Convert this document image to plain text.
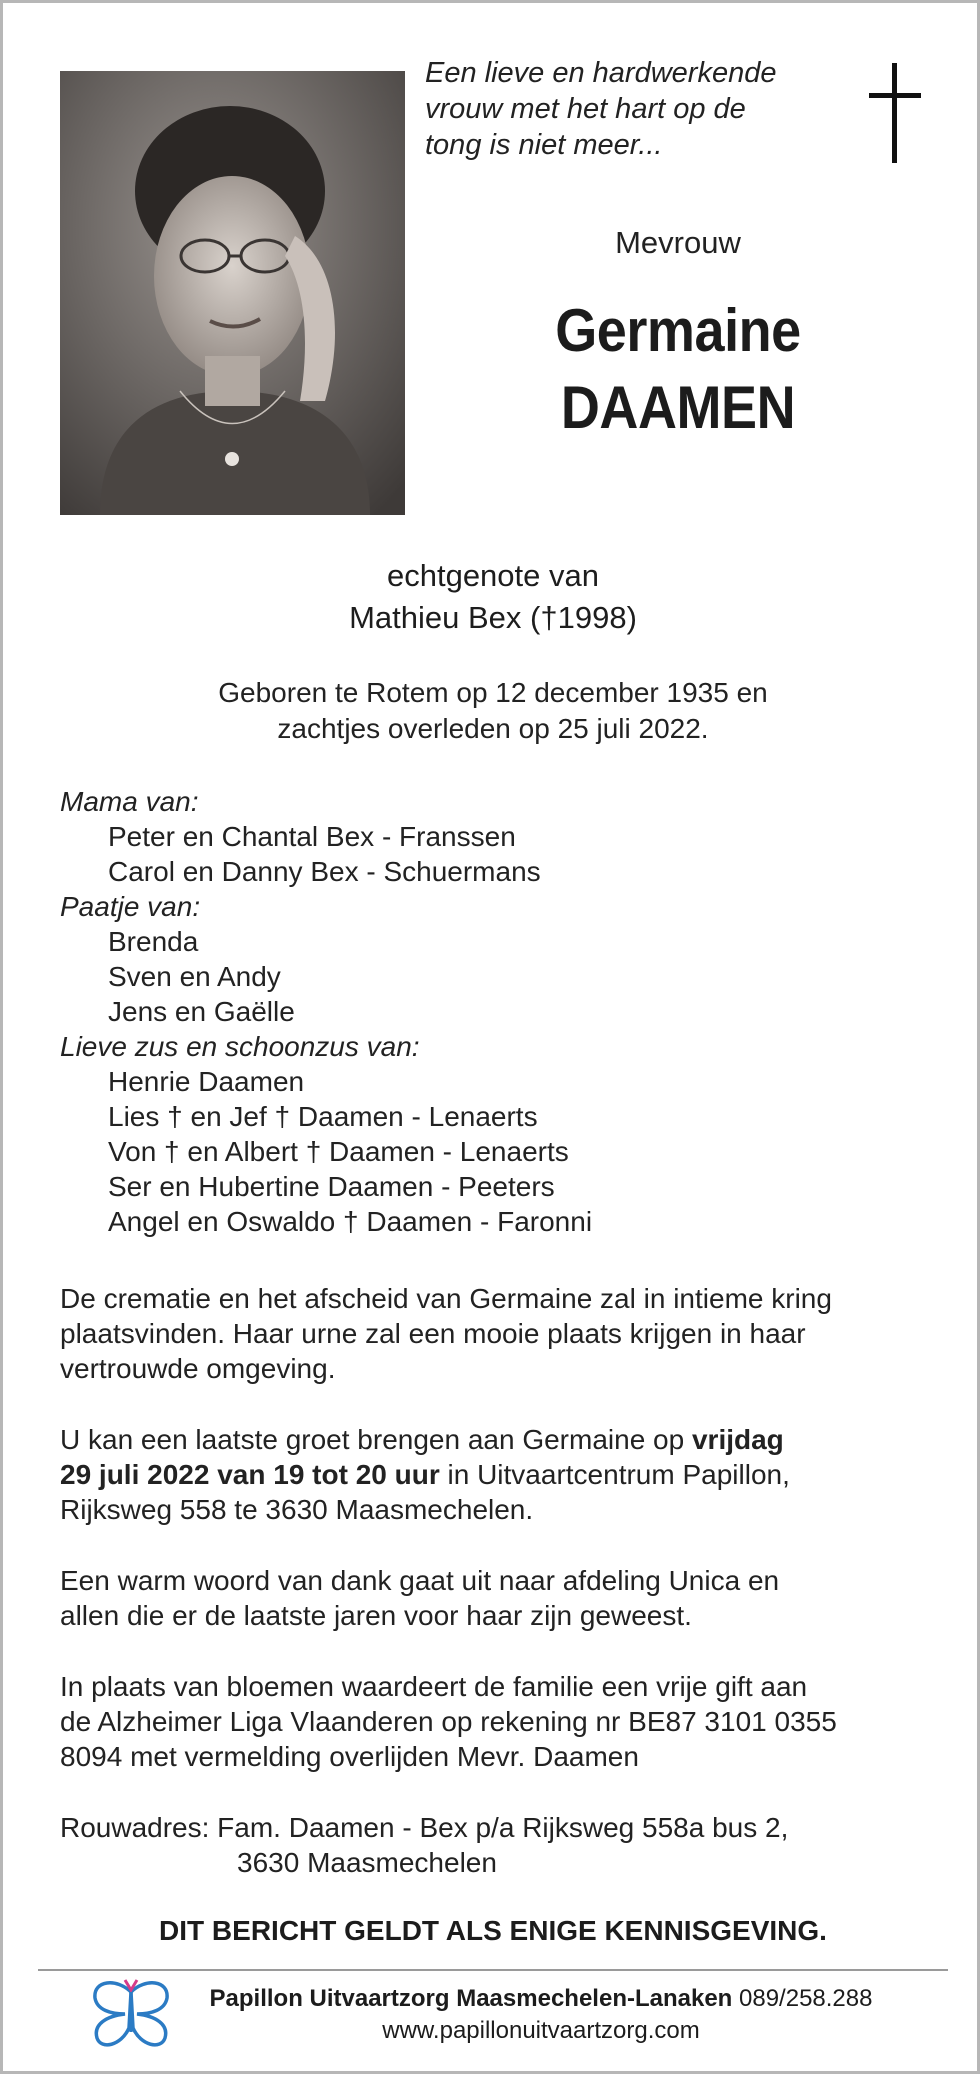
Een lieve en hardwerkende
vrouw met het hart op de
tong is niet meer...
Mevrouw
Germaine
DAAMEN
echtgenote van
Mathieu Bex (†1998)
Geboren te Rotem op 12 december 1935 en
zachtjes overleden op 25 juli 2022.
Mama van:
Peter en Chantal Bex - Franssen
Carol en Danny Bex - Schuermans
Paatje van:
Brenda
Sven en Andy
Jens en Gaëlle
Lieve zus en schoonzus van:
Henrie Daamen
Lies † en Jef † Daamen - Lenaerts
Von † en Albert † Daamen - Lenaerts
Ser en Hubertine Daamen - Peeters
Angel en Oswaldo † Daamen - Faronni
De crematie en het afscheid van Germaine zal in intieme kring
plaatsvinden. Haar urne zal een mooie plaats krijgen in haar
vertrouwde omgeving.
U kan een laatste groet brengen aan Germaine op vrijdag
29 juli 2022 van 19 tot 20 uur in Uitvaartcentrum Papillon,
Rijksweg 558 te 3630 Maasmechelen.
Een warm woord van dank gaat uit naar afdeling Unica en
allen die er de laatste jaren voor haar zijn geweest.
In plaats van bloemen waardeert de familie een vrije gift aan
de Alzheimer Liga Vlaanderen op rekening nr BE87 3101 0355
8094 met vermelding overlijden Mevr. Daamen
Rouwadres: Fam. Daamen - Bex p/a Rijksweg 558a bus 2,
3630 Maasmechelen
DIT BERICHT GELDT ALS ENIGE KENNISGEVING.
Papillon Uitvaartzorg Maasmechelen-Lanaken 089/258.288
www.papillonuitvaartzorg.com
